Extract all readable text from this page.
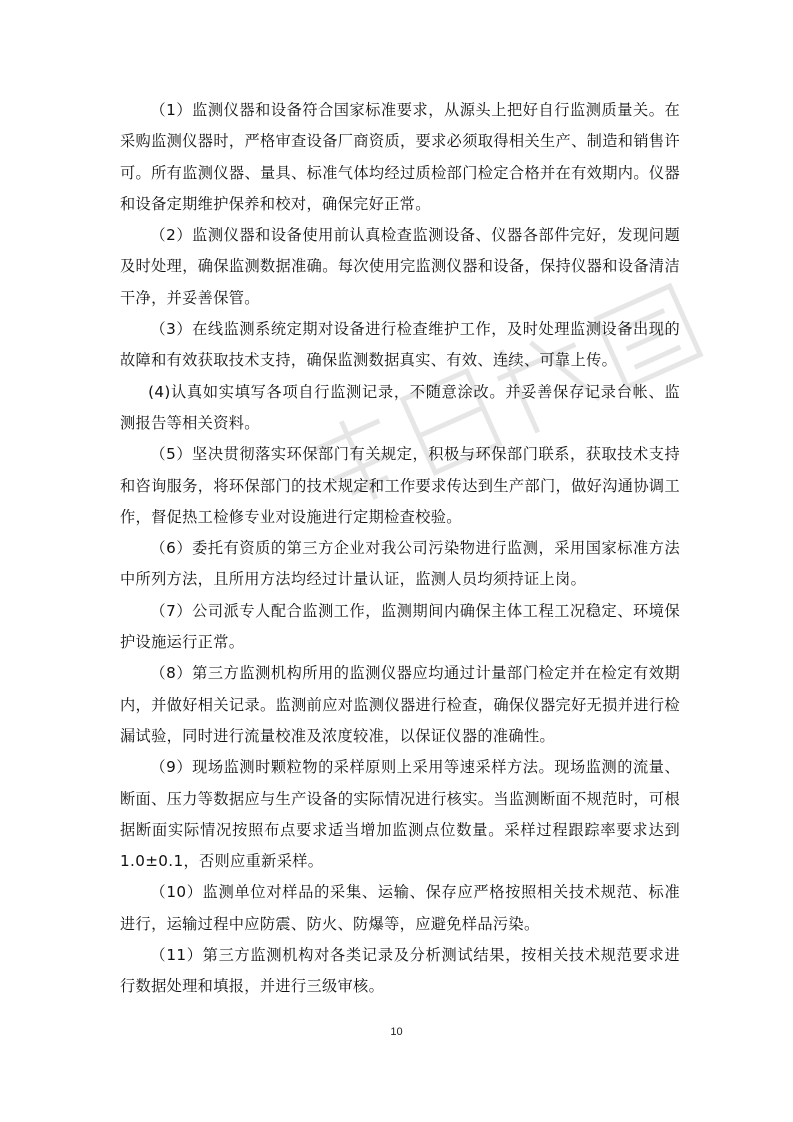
（1）监测仪器和设备符合国家标准要求，从源头上把好自行监测质量关。在采购监测仪器时，严格审查设备厂商资质，要求必须取得相关生产、制造和销售许可。所有监测仪器、量具、标准气体均经过质检部门检定合格并在有效期内。仪器和设备定期维护保养和校对，确保完好正常。

（2）监测仪器和设备使用前认真检查监测设备、仪器各部件完好，发现问题及时处理，确保监测数据准确。每次使用完监测仪器和设备，保持仪器和设备清洁干净，并妥善保管。

（3）在线监测系统定期对设备进行检查维护工作，及时处理监测设备出现的故障和有效获取技术支持，确保监测数据真实、有效、连续、可靠上传。

(4)认真如实填写各项自行监测记录，不随意涂改。并妥善保存记录台帐、监测报告等相关资料。

（5）坚决贯彻落实环保部门有关规定，积极与环保部门联系，获取技术支持和咨询服务，将环保部门的技术规定和工作要求传达到生产部门，做好沟通协调工作，督促热工检修专业对设施进行定期检查校验。

（6）委托有资质的第三方企业对我公司污染物进行监测，采用国家标准方法中所列方法，且所用方法均经过计量认证，监测人员均须持证上岗。

（7）公司派专人配合监测工作，监测期间内确保主体工程工况稳定、环境保护设施运行正常。

（8）第三方监测机构所用的监测仪器应均通过计量部门检定并在检定有效期内，并做好相关记录。监测前应对监测仪器进行检查，确保仪器完好无损并进行检漏试验，同时进行流量校准及浓度较准，以保证仪器的准确性。

（9）现场监测时颗粒物的采样原则上采用等速采样方法。现场监测的流量、断面、压力等数据应与生产设备的实际情况进行核实。当监测断面不规范时，可根据断面实际情况按照布点要求适当增加监测点位数量。采样过程跟踪率要求达到 1.0±0.1，否则应重新采样。

（10）监测单位对样品的采集、运输、保存应严格按照相关技术规范、标准进行，运输过程中应防震、防火、防爆等，应避免样品污染。

（11）第三方监测机构对各类记录及分析测试结果，按相关技术规范要求进行数据处理和填报，并进行三级审核。

10
